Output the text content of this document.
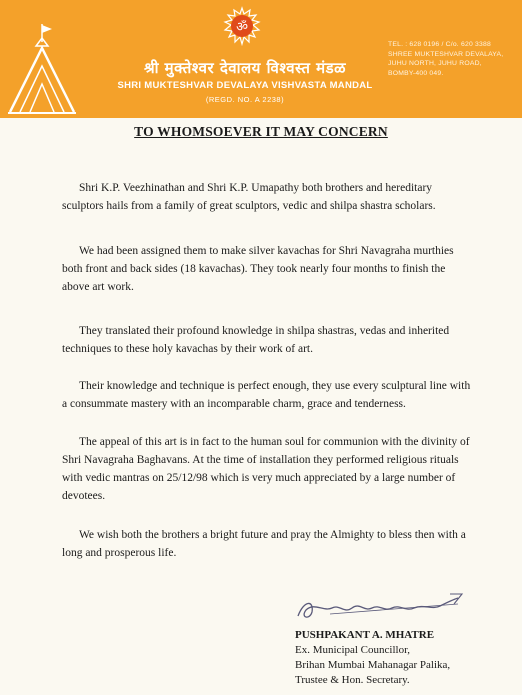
ॐ
श्री मुक्तेश्वर देवालय विश्वस्त मंडळ
SHRI MUKTESHVAR DEVALAYA VISHVASTA MANDAL
(REGD. NO. A 2238)
TEL. : 628 0196 / C/o. 620 3388
SHREE MUKTESHVAR DEVALAYA,
JUHU NORTH, JUHU ROAD,
BOMBY-400 049.
TO WHOMSOEVER IT MAY CONCERN

Shri K.P. Veezhinathan and Shri K.P. Umapathy both brothers and hereditary sculptors hails from a family of great sculptors, vedic and shilpa shastra scholars.

We had been assigned them to make silver kavachas for Shri Navagraha murthies both front and back sides (18 kavachas). They took nearly four months to finish the above art work.

They translated their profound knowledge in shilpa shastras, vedas and inherited techniques to these holy kavachas by their work of art.

Their knowledge and technique is perfect enough, they use every sculptural line with a consummate mastery with an incomparable charm, grace and tenderness.

The appeal of this art is in fact to the human soul for communion with the divinity of Shri Navagraha Baghavans. At the time of installation they performed religious rituals with vedic mantras on 25/12/98 which is very much appreciated by a large number of devotees.

We wish both the brothers a bright future and pray the Almighty to bless then with a long and prosperous life.

PUSHPAKANT A. MHATRE
Ex. Municipal Councillor,
Brihan Mumbai Mahanagar Palika,
Trustee & Hon. Secretary.
